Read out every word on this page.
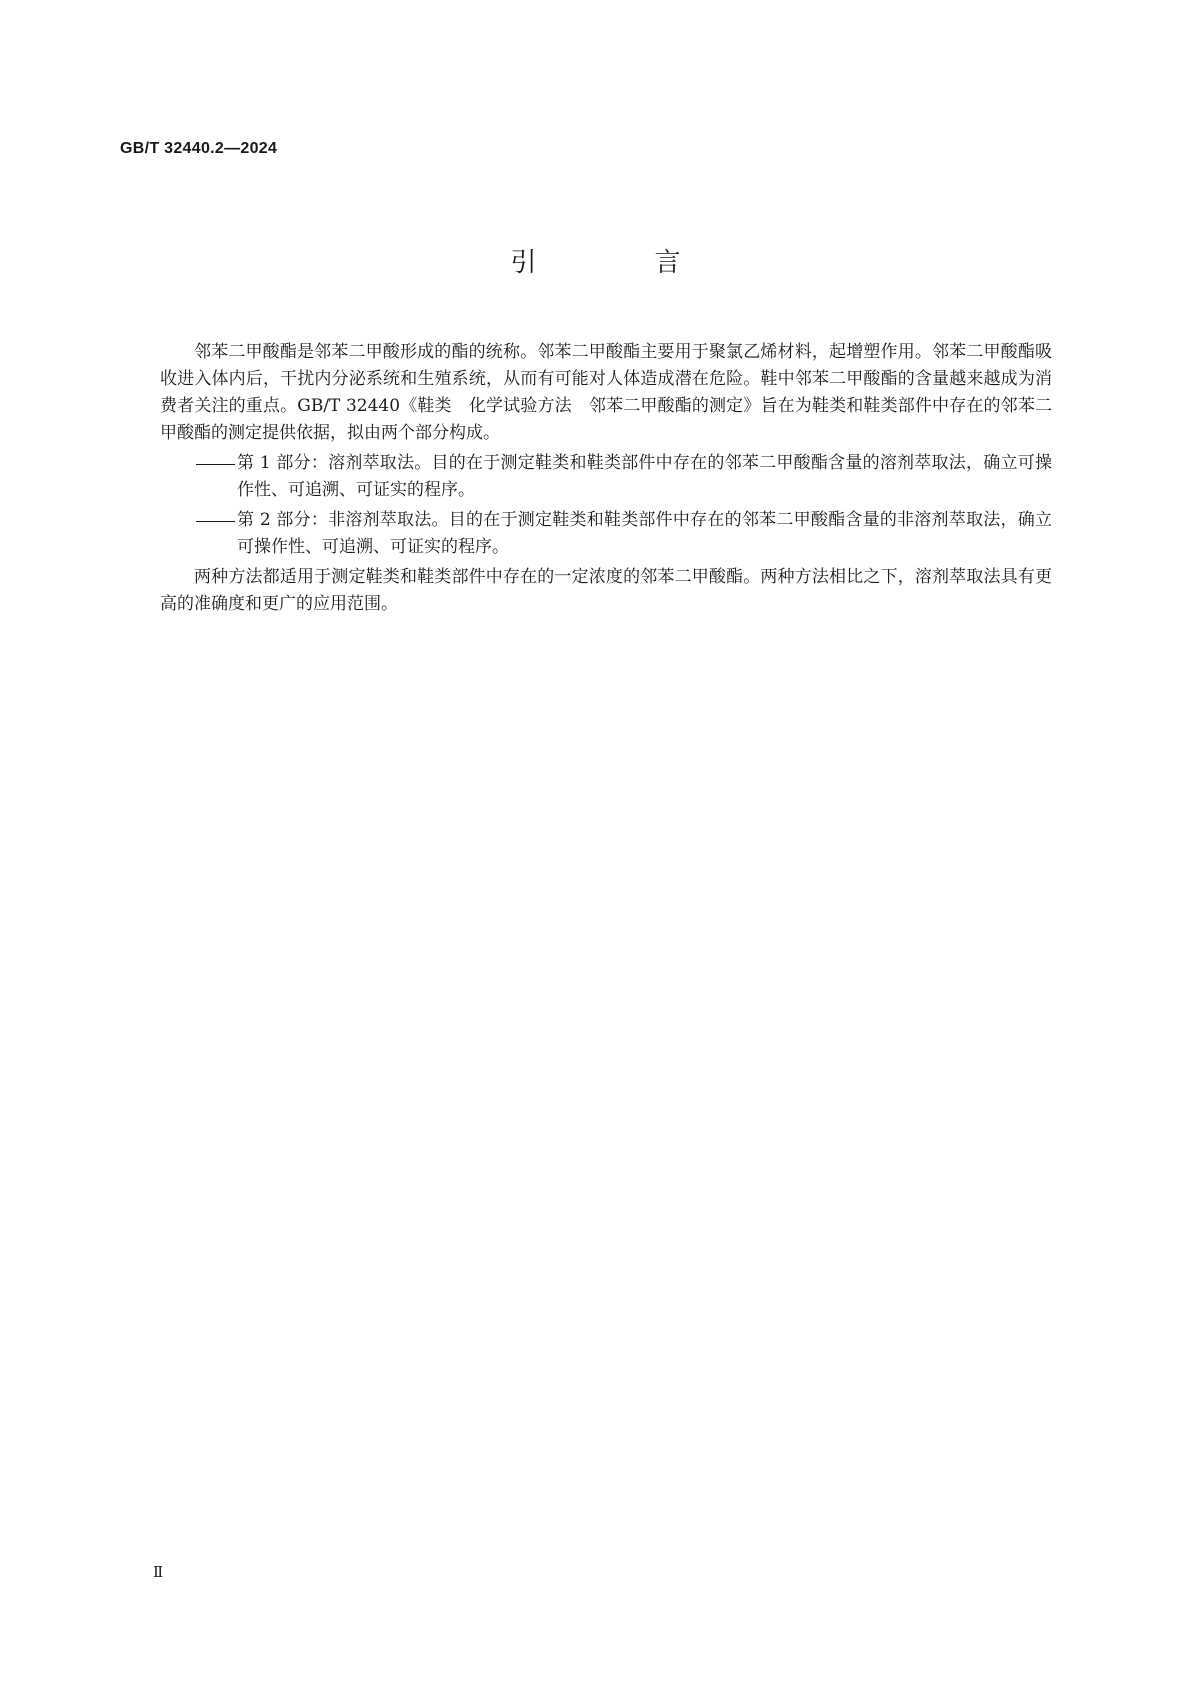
GB/T 32440.2—2024
引　言

邻苯二甲酸酯是邻苯二甲酸形成的酯的统称。邻苯二甲酸酯主要用于聚氯乙烯材料，起增塑作用。邻苯二甲酸酯吸收进入体内后，干扰内分泌系统和生殖系统，从而有可能对人体造成潜在危险。鞋中邻苯二甲酸酯的含量越来越成为消费者关注的重点。GB/T 32440《鞋类　化学试验方法　邻苯二甲酸酯的测定》旨在为鞋类和鞋类部件中存在的邻苯二甲酸酯的测定提供依据，拟由两个部分构成。

第 1 部分：溶剂萃取法。目的在于测定鞋类和鞋类部件中存在的邻苯二甲酸酯含量的溶剂萃取法，确立可操作性、可追溯、可证实的程序。
第 2 部分：非溶剂萃取法。目的在于测定鞋类和鞋类部件中存在的邻苯二甲酸酯含量的非溶剂萃取法，确立可操作性、可追溯、可证实的程序。

两种方法都适用于测定鞋类和鞋类部件中存在的一定浓度的邻苯二甲酸酯。两种方法相比之下，溶剂萃取法具有更高的准确度和更广的应用范围。

Ⅱ
